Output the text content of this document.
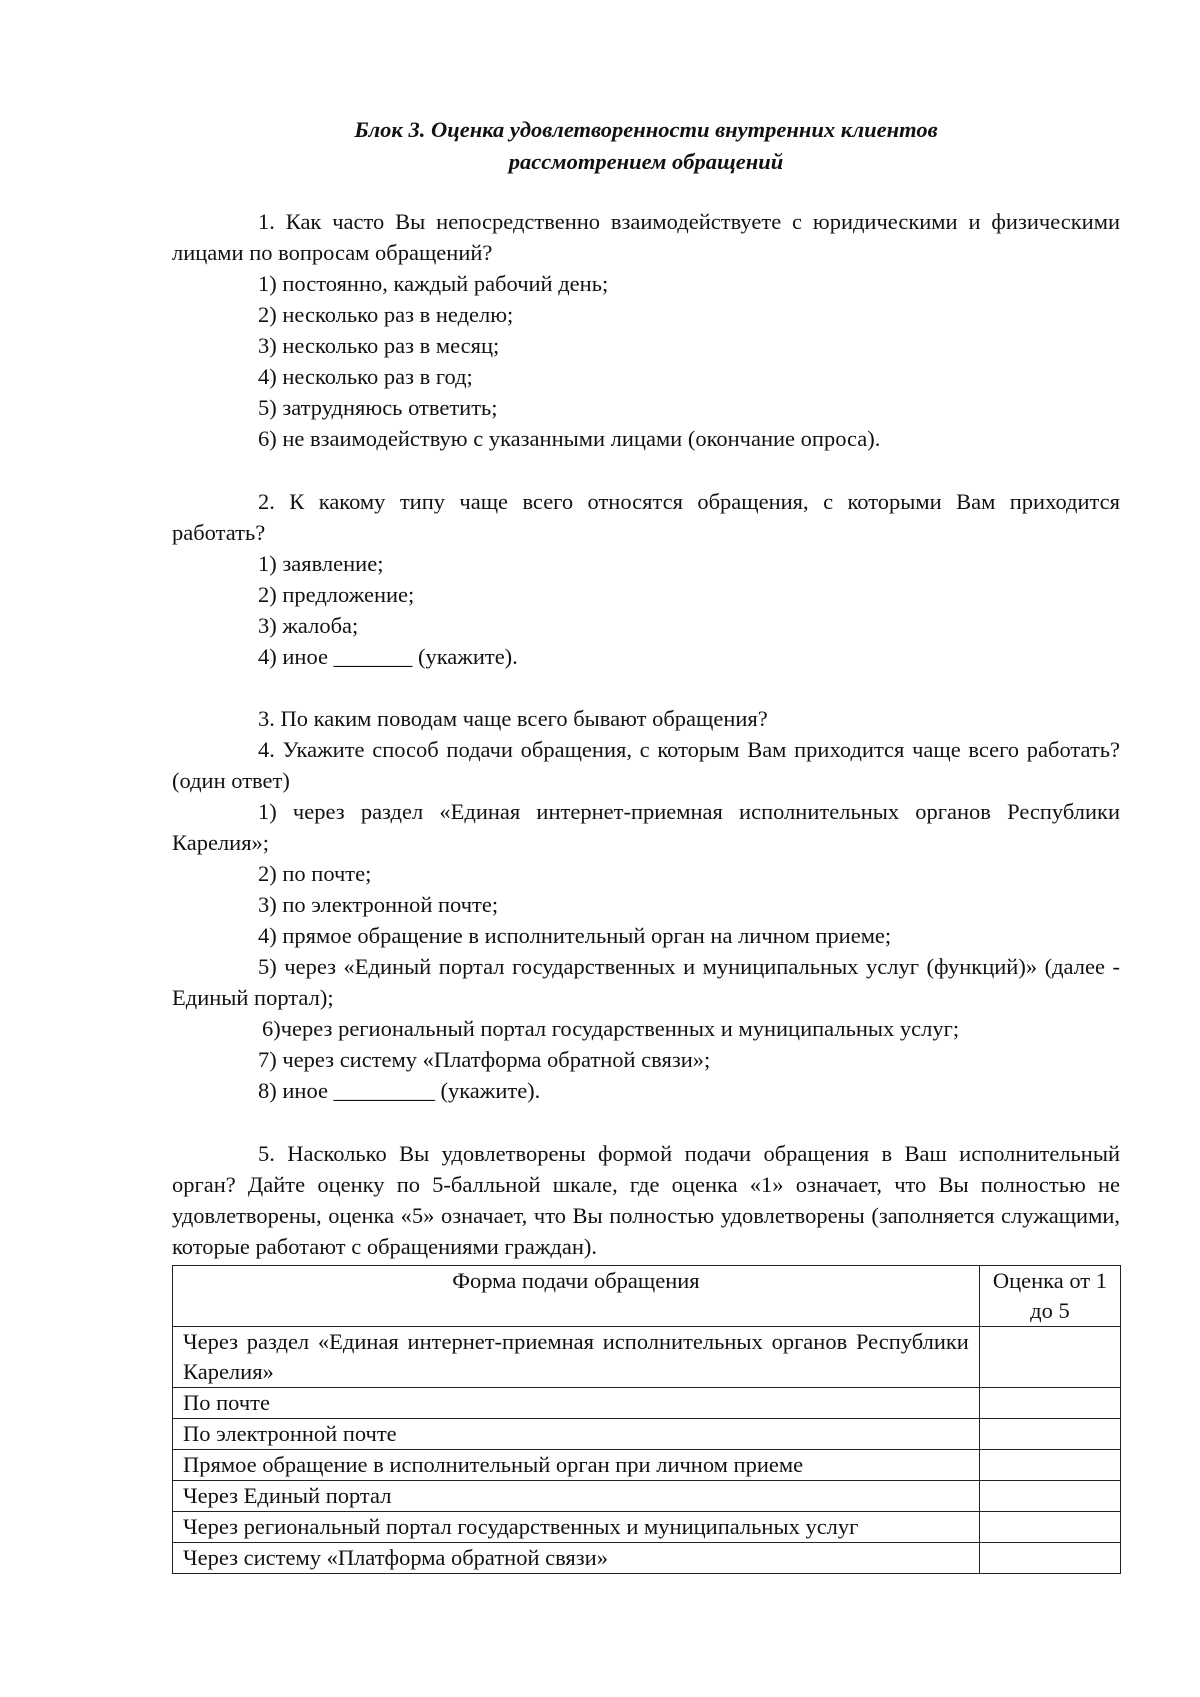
Блок 3. Оценка удовлетворенности внутренних клиентов

рассмотрением обращений

1. Как часто Вы непосредственно взаимодействуете с юридическими и физическими лицами по вопросам обращений?

1) постоянно, каждый рабочий день;

2) несколько раз в неделю;

3) несколько раз в месяц;

4) несколько раз в год;

5) затрудняюсь ответить;

6) не взаимодействую с указанными лицами (окончание опроса).

2. К какому типу чаще всего относятся обращения, с которыми Вам приходится работать?

1) заявление;

2) предложение;

3) жалоба;

4) иное _______ (укажите).

3. По каким поводам чаще всего бывают обращения?

4. Укажите способ подачи обращения, с которым Вам приходится чаще всего работать? (один ответ)

1) через раздел «Единая интернет-приемная исполнительных органов Республики Карелия»;

2) по почте;

3) по электронной почте;

4) прямое обращение в исполнительный орган на личном приеме;

5) через «Единый портал государственных и муниципальных услуг (функций)» (далее - Единый портал);

6)через региональный портал государственных и муниципальных услуг;

7) через систему «Платформа обратной связи»;

8) иное _________ (укажите).

5. Насколько Вы удовлетворены формой подачи обращения в Ваш исполнительный орган? Дайте оценку по 5-балльной шкале, где оценка «1» означает, что Вы полностью не удовлетворены, оценка «5» означает, что Вы полностью удовлетворены (заполняется служащими, которые работают с обращениями граждан).

Форма подачи обращения	Оценка от 1 до 5
Через раздел «Единая интернет-приемная исполнительных органов Республики Карелия»	
По почте	
По электронной почте	
Прямое обращение в исполнительный орган при личном приеме	
Через Единый портал	
Через региональный портал государственных и муниципальных услуг	
Через систему «Платформа обратной связи»	
